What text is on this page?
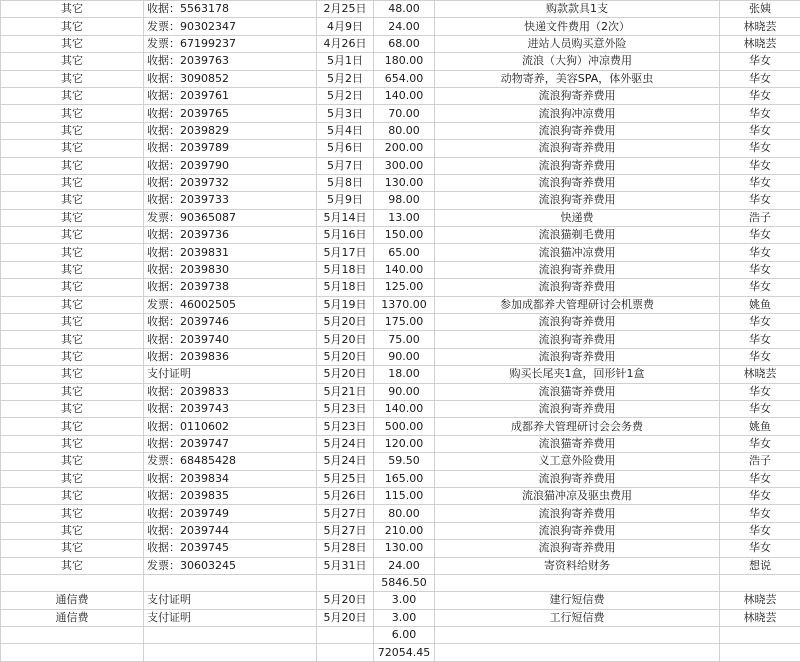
其它	收据：5563178	2月25日	48.00	购款款具1支	张姨
其它	发票：90302347	4月9日	24.00	快递文件费用（2次）	林晓芸
其它	发票：67199237	4月26日	68.00	进站人员购买意外险	林晓芸
其它	收据：2039763	5月1日	180.00	流浪（大狗）冲凉费用	华女
其它	收据：3090852	5月2日	654.00	动物寄养，美容SPA，体外驱虫	华女
其它	收据：2039761	5月2日	140.00	流浪狗寄养费用	华女
其它	收据：2039765	5月3日	70.00	流浪狗冲凉费用	华女
其它	收据：2039829	5月4日	80.00	流浪狗寄养费用	华女
其它	收据：2039789	5月6日	200.00	流浪狗寄养费用	华女
其它	收据：2039790	5月7日	300.00	流浪狗寄养费用	华女
其它	收据：2039732	5月8日	130.00	流浪狗寄养费用	华女
其它	收据：2039733	5月9日	98.00	流浪狗寄养费用	华女
其它	发票：90365087	5月14日	13.00	快递费	浩子
其它	收据：2039736	5月16日	150.00	流浪猫剃毛费用	华女
其它	收据：2039831	5月17日	65.00	流浪猫冲凉费用	华女
其它	收据：2039830	5月18日	140.00	流浪狗寄养费用	华女
其它	收据：2039738	5月18日	125.00	流浪狗寄养费用	华女
其它	发票：46002505	5月19日	1370.00	参加成都养犬管理研讨会机票费	姚鱼
其它	收据：2039746	5月20日	175.00	流浪狗寄养费用	华女
其它	收据：2039740	5月20日	75.00	流浪狗寄养费用	华女
其它	收据：2039836	5月20日	90.00	流浪狗寄养费用	华女
其它	支付证明	5月20日	18.00	购买长尾夹1盒，回形针1盒	林晓芸
其它	收据：2039833	5月21日	90.00	流浪猫寄养费用	华女
其它	收据：2039743	5月23日	140.00	流浪狗寄养费用	华女
其它	收据：0110602	5月23日	500.00	成都养犬管理研讨会会务费	姚鱼
其它	收据：2039747	5月24日	120.00	流浪猫寄养费用	华女
其它	发票：68485428	5月24日	59.50	义工意外险费用	浩子
其它	收据：2039834	5月25日	165.00	流浪狗寄养费用	华女
其它	收据：2039835	5月26日	115.00	流浪猫冲凉及驱虫费用	华女
其它	收据：2039749	5月27日	80.00	流浪狗寄养费用	华女
其它	收据：2039744	5月27日	210.00	流浪狗寄养费用	华女
其它	收据：2039745	5月28日	130.00	流浪狗寄养费用	华女
其它	发票：30603245	5月31日	24.00	寄资料给财务	想说
			5846.50		
通信费	支付证明	5月20日	3.00	建行短信费	林晓芸
通信费	支付证明	5月20日	3.00	工行短信费	林晓芸
			6.00		
			72054.45		
